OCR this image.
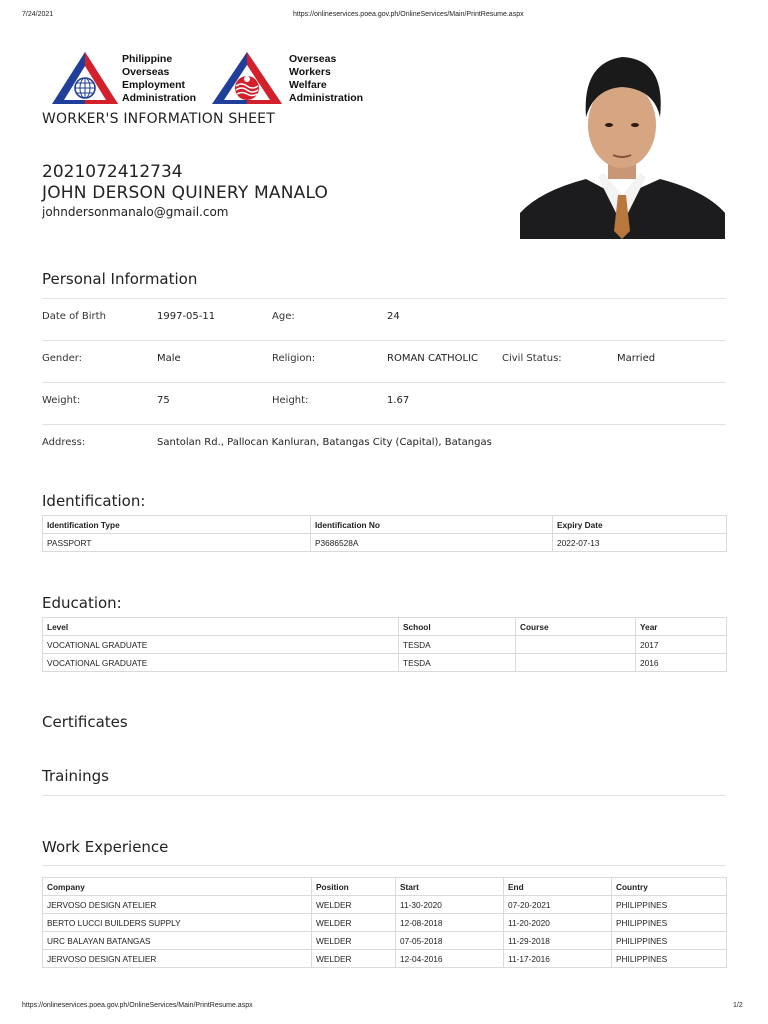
7/24/2021	https://onlineservices.poea.gov.ph/OnlineServices/Main/PrintResume.aspx
Philippine
Overseas
Employment
Administration
Overseas
Workers
Welfare
Administration
WORKER'S INFORMATION SHEET
2021072412734
JOHN DERSON QUINERY MANALO
johndersonmanalo@gmail.com
Personal Information
Date of Birth	1997-05-11	Age:	24
Gender:	Male	Religion:	ROMAN CATHOLIC Civil Status:	Married
Weight:	75	Height:	1.67
Address:	Santolan Rd., Pallocan Kanluran, Batangas City (Capital), Batangas
Identification:
Identification Type	Identification No	Expiry Date
PASSPORT	P3686528A	2022-07-13
Education:
Level	School	Course	Year
VOCATIONAL GRADUATE	TESDA		2017
VOCATIONAL GRADUATE	TESDA		2016
Certificates
Trainings
Work Experience
Company	Position	Start	End	Country
JERVOSO DESIGN ATELIER	WELDER	11-30-2020	07-20-2021	PHILIPPINES
BERTO LUCCI BUILDERS SUPPLY	WELDER	12-08-2018	11-20-2020	PHILIPPINES
URC BALAYAN BATANGAS	WELDER	07-05-2018	11-29-2018	PHILIPPINES
JERVOSO DESIGN ATELIER	WELDER	12-04-2016	11-17-2016	PHILIPPINES
https://onlineservices.poea.gov.ph/OnlineServices/Main/PrintResume.aspx	1/2
